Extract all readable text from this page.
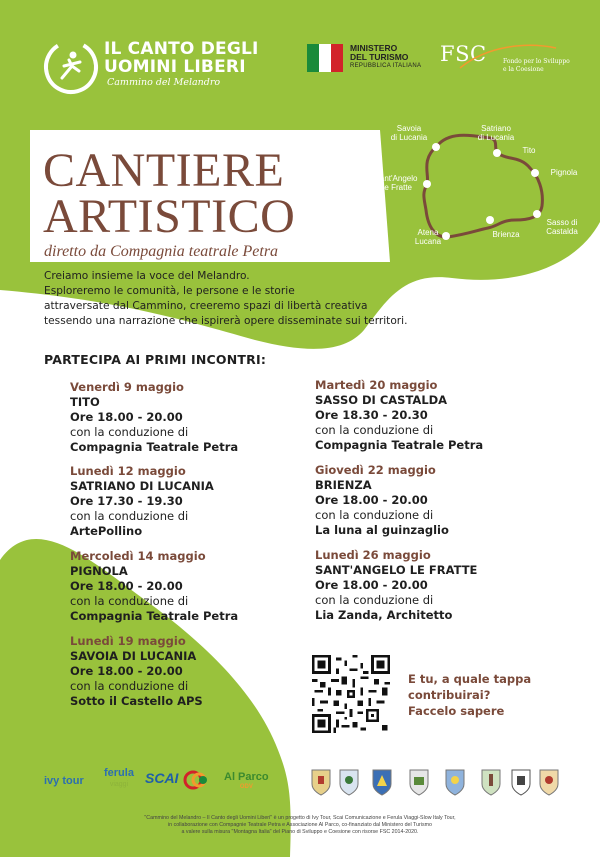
IL CANTO DEGLI
UOMINI LIBERI
Cammino del Melandro
MINISTERO
DEL TURISMO
REPUBBLICA ITALIANA FSC	Fondo per lo Sviluppo
e la Coesione
CANTIERE
ARTISTICO
diretto da Compagnia teatrale Petra
Savoia
di Lucania
Satriano
di Lucania
Tito
Pignola
Sant'Angelo
Le Fratte
Sasso di
Castalda
Atena
Lucana
Brienza
Creiamo insieme la voce del Melandro.
Esploreremo le comunità, le persone e le storie
attraversate dal Cammino, creeremo spazi di libertà creativa
tessendo una narrazione che ispirerà opere disseminate sui territori.
PARTECIPA AI PRIMI INCONTRI:
Venerdì 9 maggio
TITO
Ore 18.00 - 20.00
con la conduzione di
Compagnia Teatrale Petra
Lunedì 12 maggio
SATRIANO DI LUCANIA
Ore 17.30 - 19.30
con la conduzione di
ArtePollino
Mercoledì 14 maggio
PIGNOLA
Ore 18.00 - 20.00
con la conduzione di
Compagnia Teatrale Petra
Lunedì 19 maggio
SAVOIA DI LUCANIA
Ore 18.00 - 20.00
con la conduzione di
Sotto il Castello APS
Martedì 20 maggio
SASSO DI CASTALDA
Ore 18.30 - 20.30
con la conduzione di
Compagnia Teatrale Petra
Giovedì 22 maggio
BRIENZA
Ore 18.00 - 20.00
con la conduzione di
La luna al guinzaglio
Lunedì 26 maggio
SANT'ANGELO LE FRATTE
Ore 18.00 - 20.00
con la conduzione di
Lia Zanda, Architetto
E tu, a quale tappa
contribuirai?
Faccelo sapere
ivy tour
ferula
viaggi	SCAI	Al Parco
ODV
"Cammino del Melandro – Il Canto degli Uomini Liberi" è un progetto di Ivy Tour, Scai Comunicazione e Ferula Viaggi-Slow Italy Tour,
in collaborazione con Compagnie Teatrale Petra e Associazione Al Parco, co-finanziato dal Ministero del Turismo
a valere sulla misura "Montagna Italia" del Piano di Sviluppo e Coesione con risorse FSC 2014-2020.
